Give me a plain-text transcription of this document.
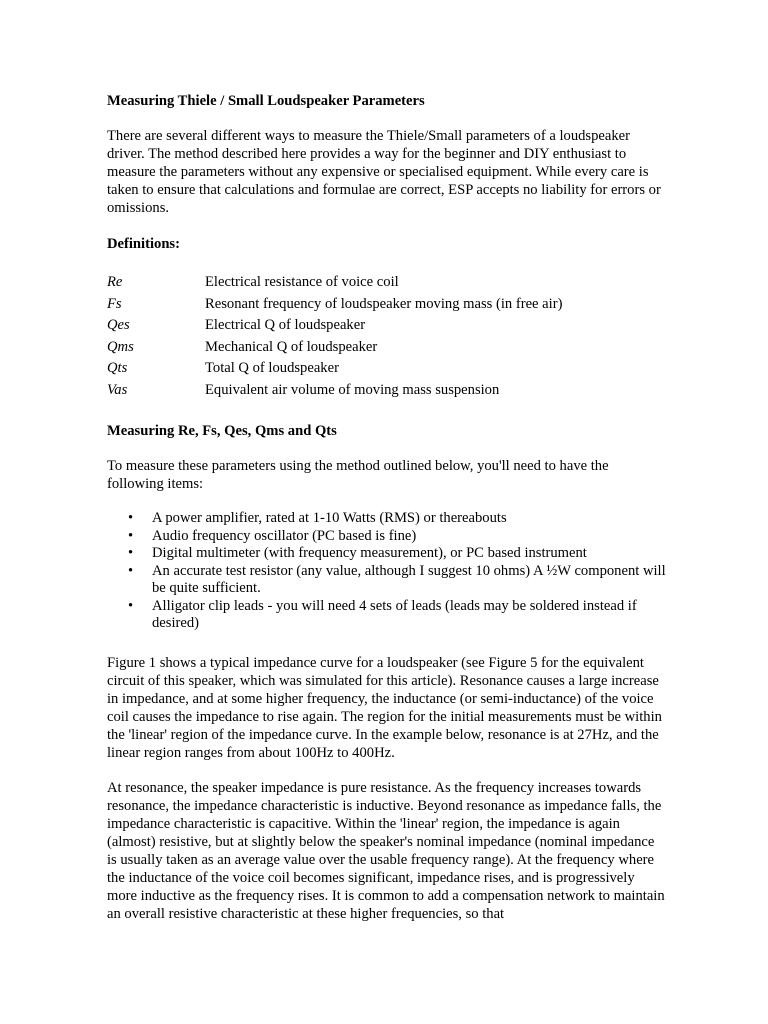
Measuring Thiele / Small Loudspeaker Parameters

There are several different ways to measure the Thiele/Small parameters of a loudspeaker driver. The method described here provides a way for the beginner and DIY enthusiast to measure the parameters without any expensive or specialised equipment. While every care is taken to ensure that calculations and formulae are correct, ESP accepts no liability for errors or omissions.

Definitions:
Re	Electrical resistance of voice coil
Fs	Resonant frequency of loudspeaker moving mass (in free air)
Qes	Electrical Q of loudspeaker
Qms	Mechanical Q of loudspeaker
Qts	Total Q of loudspeaker
Vas	Equivalent air volume of moving mass suspension
Measuring Re, Fs, Qes, Qms and Qts

To measure these parameters using the method outlined below, you'll need to have the following items:

• A power amplifier, rated at 1-10 Watts (RMS) or thereabouts
• Audio frequency oscillator (PC based is fine)
• Digital multimeter (with frequency measurement), or PC based instrument
• An accurate test resistor (any value, although I suggest 10 ohms) A ½W component will be quite sufficient.
• Alligator clip leads - you will need 4 sets of leads (leads may be soldered instead if desired)

Figure 1 shows a typical impedance curve for a loudspeaker (see Figure 5 for the equivalent circuit of this speaker, which was simulated for this article). Resonance causes a large increase in impedance, and at some higher frequency, the inductance (or semi-inductance) of the voice coil causes the impedance to rise again. The region for the initial measurements must be within the 'linear' region of the impedance curve. In the example below, resonance is at 27Hz, and the linear region ranges from about 100Hz to 400Hz.

At resonance, the speaker impedance is pure resistance. As the frequency increases towards resonance, the impedance characteristic is inductive. Beyond resonance as impedance falls, the impedance characteristic is capacitive. Within the 'linear' region, the impedance is again (almost) resistive, but at slightly below the speaker's nominal impedance (nominal impedance is usually taken as an average value over the usable frequency range). At the frequency where the inductance of the voice coil becomes significant, impedance rises, and is progressively more inductive as the frequency rises. It is common to add a compensation network to maintain an overall resistive characteristic at these higher frequencies, so that
